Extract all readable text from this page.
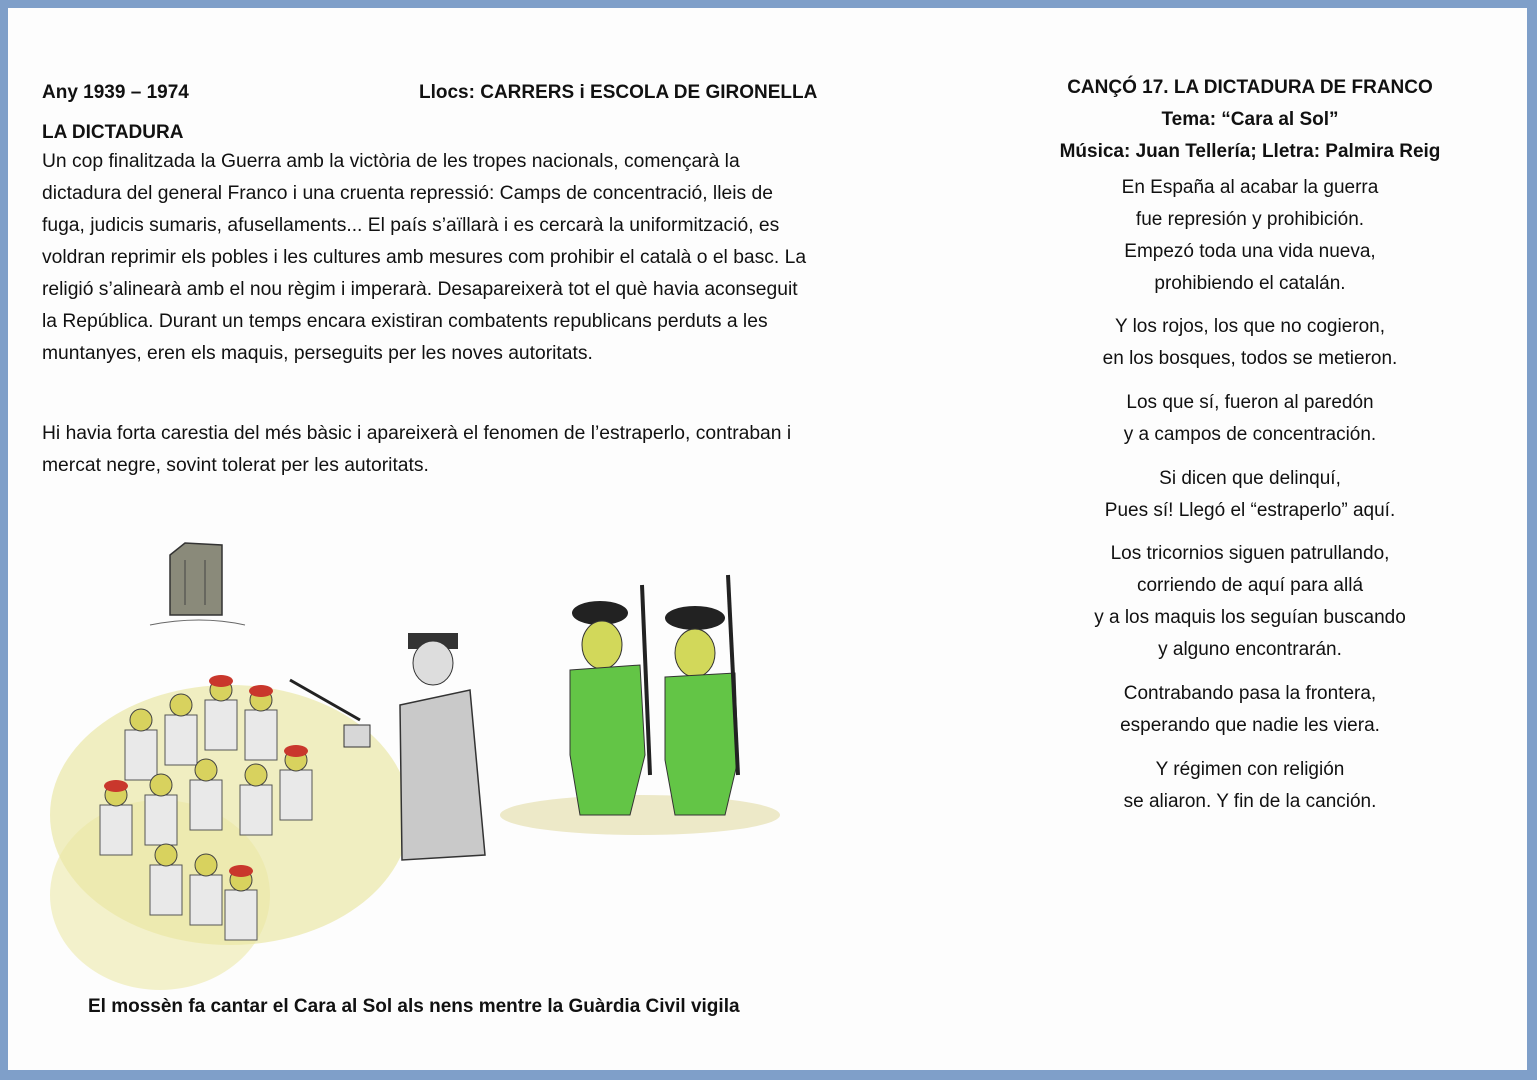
Any 1939 – 1974	Llocs: CARRERS i ESCOLA DE GIRONELLA
LA DICTADURA

Un cop finalitzada la Guerra amb la victòria de les tropes nacionals, començarà la dictadura del general Franco i una cruenta repressió: Camps de concentració, lleis de fuga, judicis sumaris, afusellaments... El país s’aïllarà i es cercarà la uniformització, es voldran reprimir els pobles i les cultures amb mesures com prohibir el català o el basc. La religió s’alinearà amb el nou règim i imperarà. Desapareixerà tot el què havia aconseguit la República. Durant un temps encara existiran combatents republicans perduts a les muntanyes, eren els maquis, perseguits per les noves autoritats.

Hi havia forta carestia del més bàsic i apareixerà el fenomen de l’estraperlo, contraban i mercat negre, sovint tolerat per les autoritats.

El mossèn fa cantar el Cara al Sol als nens mentre la Guàrdia Civil vigila
CANÇÓ 17. LA DICTADURA DE FRANCO
Tema: “Cara al Sol”
Música: Juan Tellería; Lletra: Palmira Reig
En España al acabar la guerra
fue represión y prohibición.
Empezó toda una vida nueva,
prohibiendo el catalán.
Y los rojos, los que no cogieron,
en los bosques, todos se metieron.
Los que sí, fueron al paredón
y a campos de concentración.
Si dicen que delinquí,
Pues sí! Llegó el “estraperlo” aquí.
Los tricornios siguen patrullando,
corriendo de aquí para allá
y a los maquis los seguían buscando
y alguno encontrarán.
Contrabando pasa la frontera,
esperando que nadie les viera.
Y régimen con religión
se aliaron. Y fin de la canción.
